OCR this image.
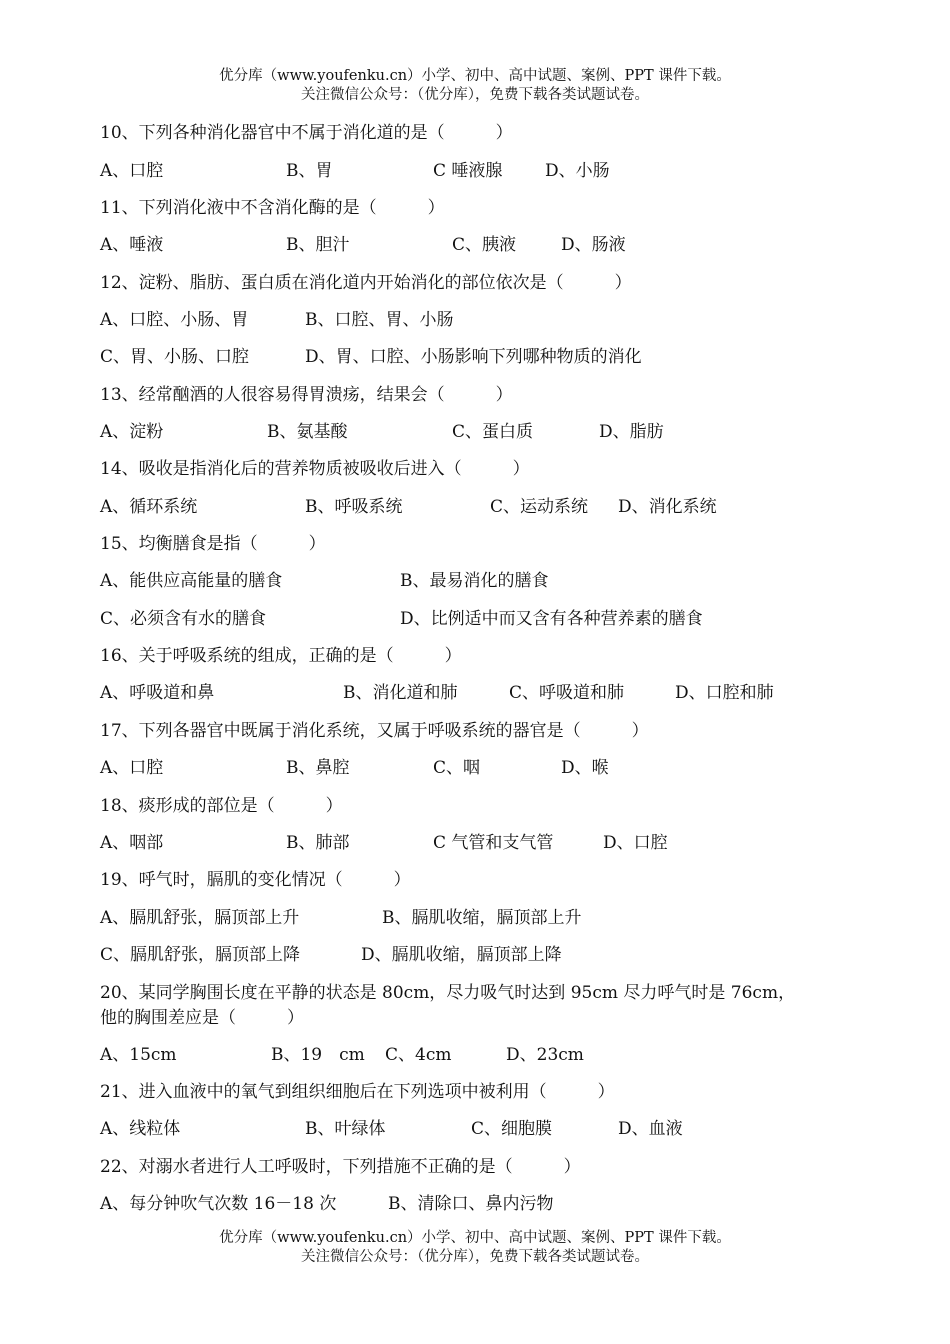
优分库（www.youfenku.cn）小学、初中、高中试题、案例、PPT 课件下载。
关注微信公众号：（优分库），免费下载各类试题试卷。
10、下列各种消化器官中不属于消化道的是（　　　）
A、口腔	B、胃	C 唾液腺	D、小肠
11、下列消化液中不含消化酶的是（　　　）
A、唾液	B、胆汁	C、胰液	D、肠液
12、淀粉、脂肪、蛋白质在消化道内开始消化的部位依次是（　　　）
A、口腔、小肠、胃	B、口腔、胃、小肠
C、胃、小肠、口腔	D、胃、口腔、小肠影响下列哪种物质的消化
13、经常酗酒的人很容易得胃溃疡，结果会（　　　）
A、淀粉	B、氨基酸	C、蛋白质	D、脂肪
14、吸收是指消化后的营养物质被吸收后进入（　　　）
A、循环系统	B、呼吸系统	C、运动系统 D、消化系统
15、均衡膳食是指（　　　）
A、能供应高能量的膳食	B、最易消化的膳食
C、必须含有水的膳食	D、比例适中而又含有各种营养素的膳食
16、关于呼吸系统的组成，正确的是（　　　）
A、呼吸道和鼻	B、消化道和肺	C、呼吸道和肺	D、口腔和肺
17、下列各器官中既属于消化系统，又属于呼吸系统的器官是（　　　）
A、口腔	B、鼻腔	C、咽	D、喉
18、痰形成的部位是（　　　）
A、咽部	B、肺部	C 气管和支气管	D、口腔
19、呼气时，膈肌的变化情况（　　　）
A、膈肌舒张，膈顶部上升	B、膈肌收缩，膈顶部上升
C、膈肌舒张，膈顶部上降	D、膈肌收缩，膈顶部上降
20、某同学胸围长度在平静的状态是 80cm，尽力吸气时达到 95cm 尽力呼气时是 76cm，
他的胸围差应是（　　　）
A、15cm	B、19　cm C、4cm	D、23cm
21、进入血液中的氧气到组织细胞后在下列选项中被利用（　　　）
A、线粒体	B、叶绿体	C、细胞膜	D、血液
22、对溺水者进行人工呼吸时，下列措施不正确的是（　　　）
A、每分钟吹气次数 16－18 次	B、清除口、鼻内污物
优分库（www.youfenku.cn）小学、初中、高中试题、案例、PPT 课件下载。
关注微信公众号：（优分库），免费下载各类试题试卷。
